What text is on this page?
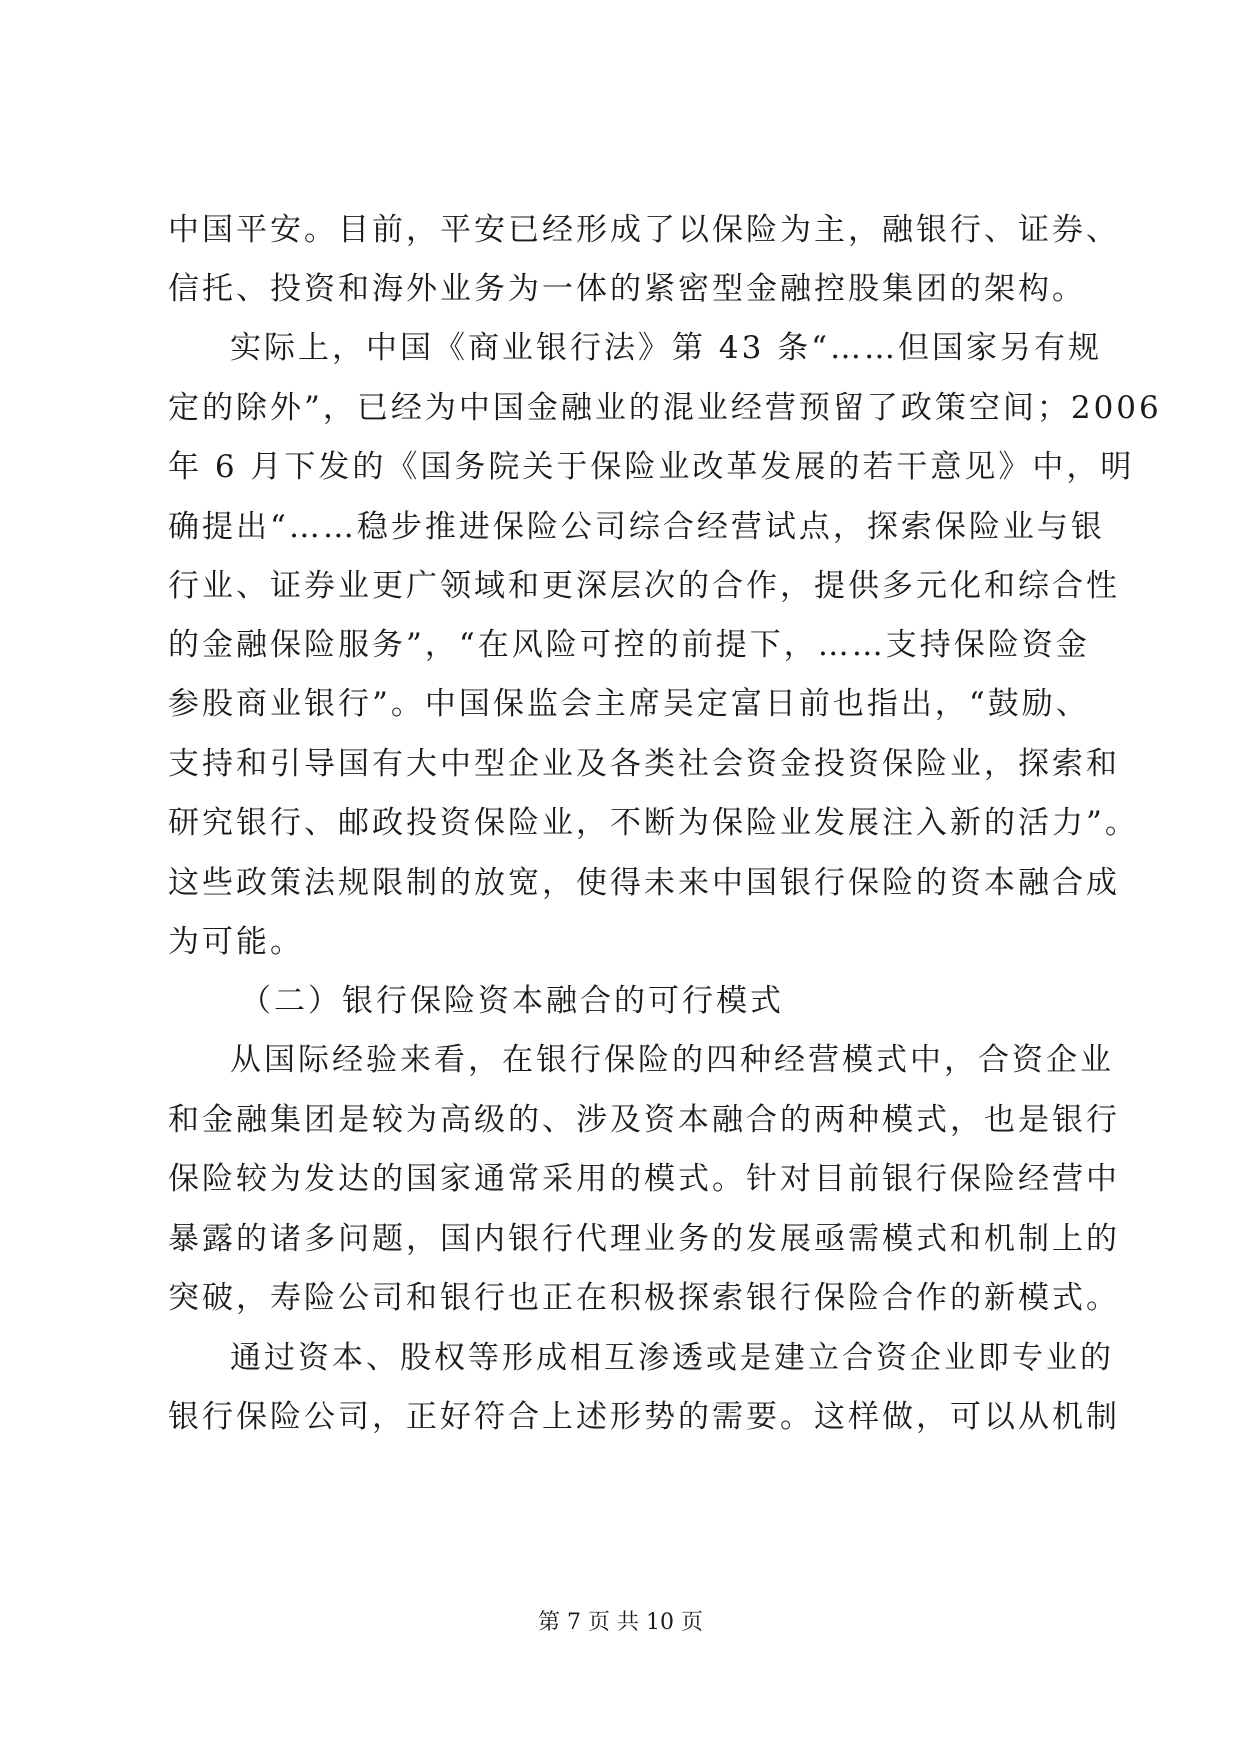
中国平安。目前，平安已经形成了以保险为主，融银行、证券、
信托、投资和海外业务为一体的紧密型金融控股集团的架构。
实际上，中国《商业银行法》第 43 条“……但国家另有规
定的除外”，已经为中国金融业的混业经营预留了政策空间；2006
年 6 月下发的《国务院关于保险业改革发展的若干意见》中，明
确提出“……稳步推进保险公司综合经营试点，探索保险业与银
行业、证券业更广领域和更深层次的合作，提供多元化和综合性
的金融保险服务”，“在风险可控的前提下，……支持保险资金
参股商业银行”。中国保监会主席吴定富日前也指出，“鼓励、
支持和引导国有大中型企业及各类社会资金投资保险业，探索和
研究银行、邮政投资保险业，不断为保险业发展注入新的活力”。
这些政策法规限制的放宽，使得未来中国银行保险的资本融合成
为可能。
（二）银行保险资本融合的可行模式
从国际经验来看，在银行保险的四种经营模式中，合资企业
和金融集团是较为高级的、涉及资本融合的两种模式，也是银行
保险较为发达的国家通常采用的模式。针对目前银行保险经营中
暴露的诸多问题，国内银行代理业务的发展亟需模式和机制上的
突破，寿险公司和银行也正在积极探索银行保险合作的新模式。
通过资本、股权等形成相互渗透或是建立合资企业即专业的
银行保险公司，正好符合上述形势的需要。这样做，可以从机制
第 7 页 共 10 页
